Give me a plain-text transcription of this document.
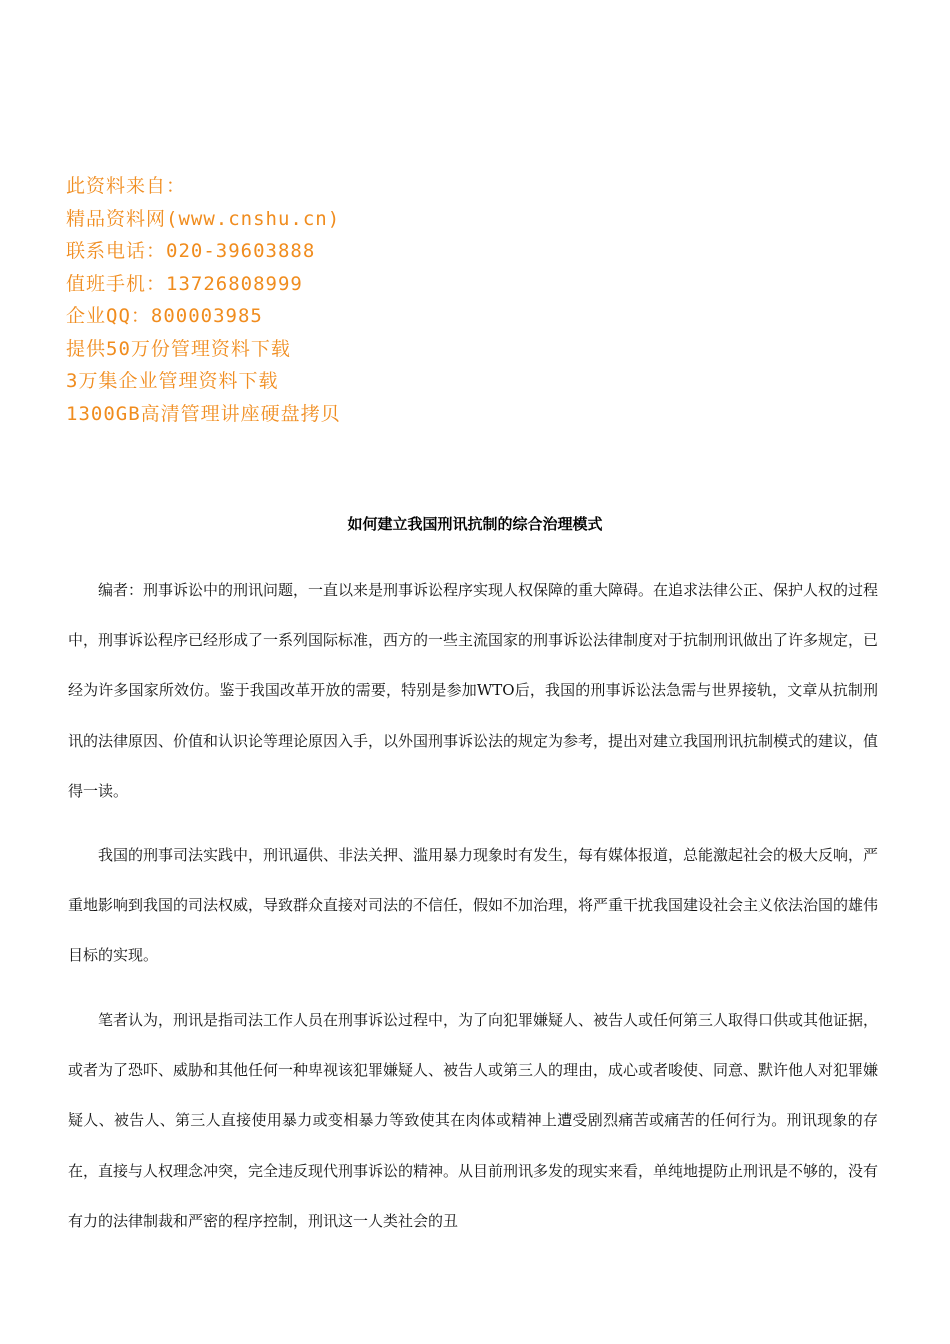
此资料来自：
精品资料网(www.cnshu.cn)
联系电话：020-39603888
值班手机：13726808999
企业QQ：800003985
提供50万份管理资料下载
3万集企业管理资料下载
1300GB高清管理讲座硬盘拷贝
如何建立我国刑讯抗制的综合治理模式

编者：刑事诉讼中的刑讯问题，一直以来是刑事诉讼程序实现人权保障的重大障碍。在追求法律公正、保护人权的过程中，刑事诉讼程序已经形成了一系列国际标准，西方的一些主流国家的刑事诉讼法律制度对于抗制刑讯做出了许多规定，已经为许多国家所效仿。鉴于我国改革开放的需要，特别是参加WTO后，我国的刑事诉讼法急需与世界接轨，文章从抗制刑讯的法律原因、价值和认识论等理论原因入手，以外国刑事诉讼法的规定为参考，提出对建立我国刑讯抗制模式的建议，值得一读。

我国的刑事司法实践中，刑讯逼供、非法关押、滥用暴力现象时有发生，每有媒体报道，总能激起社会的极大反响，严重地影响到我国的司法权威，导致群众直接对司法的不信任，假如不加治理，将严重干扰我国建设社会主义依法治国的雄伟目标的实现。

笔者认为，刑讯是指司法工作人员在刑事诉讼过程中，为了向犯罪嫌疑人、被告人或任何第三人取得口供或其他证据，或者为了恐吓、威胁和其他任何一种卑视该犯罪嫌疑人、被告人或第三人的理由，成心或者唆使、同意、默许他人对犯罪嫌疑人、被告人、第三人直接使用暴力或变相暴力等致使其在肉体或精神上遭受剧烈痛苦或痛苦的任何行为。刑讯现象的存在，直接与人权理念冲突，完全违反现代刑事诉讼的精神。从目前刑讯多发的现实来看，单纯地提防止刑讯是不够的，没有有力的法律制裁和严密的程序控制，刑讯这一人类社会的丑
